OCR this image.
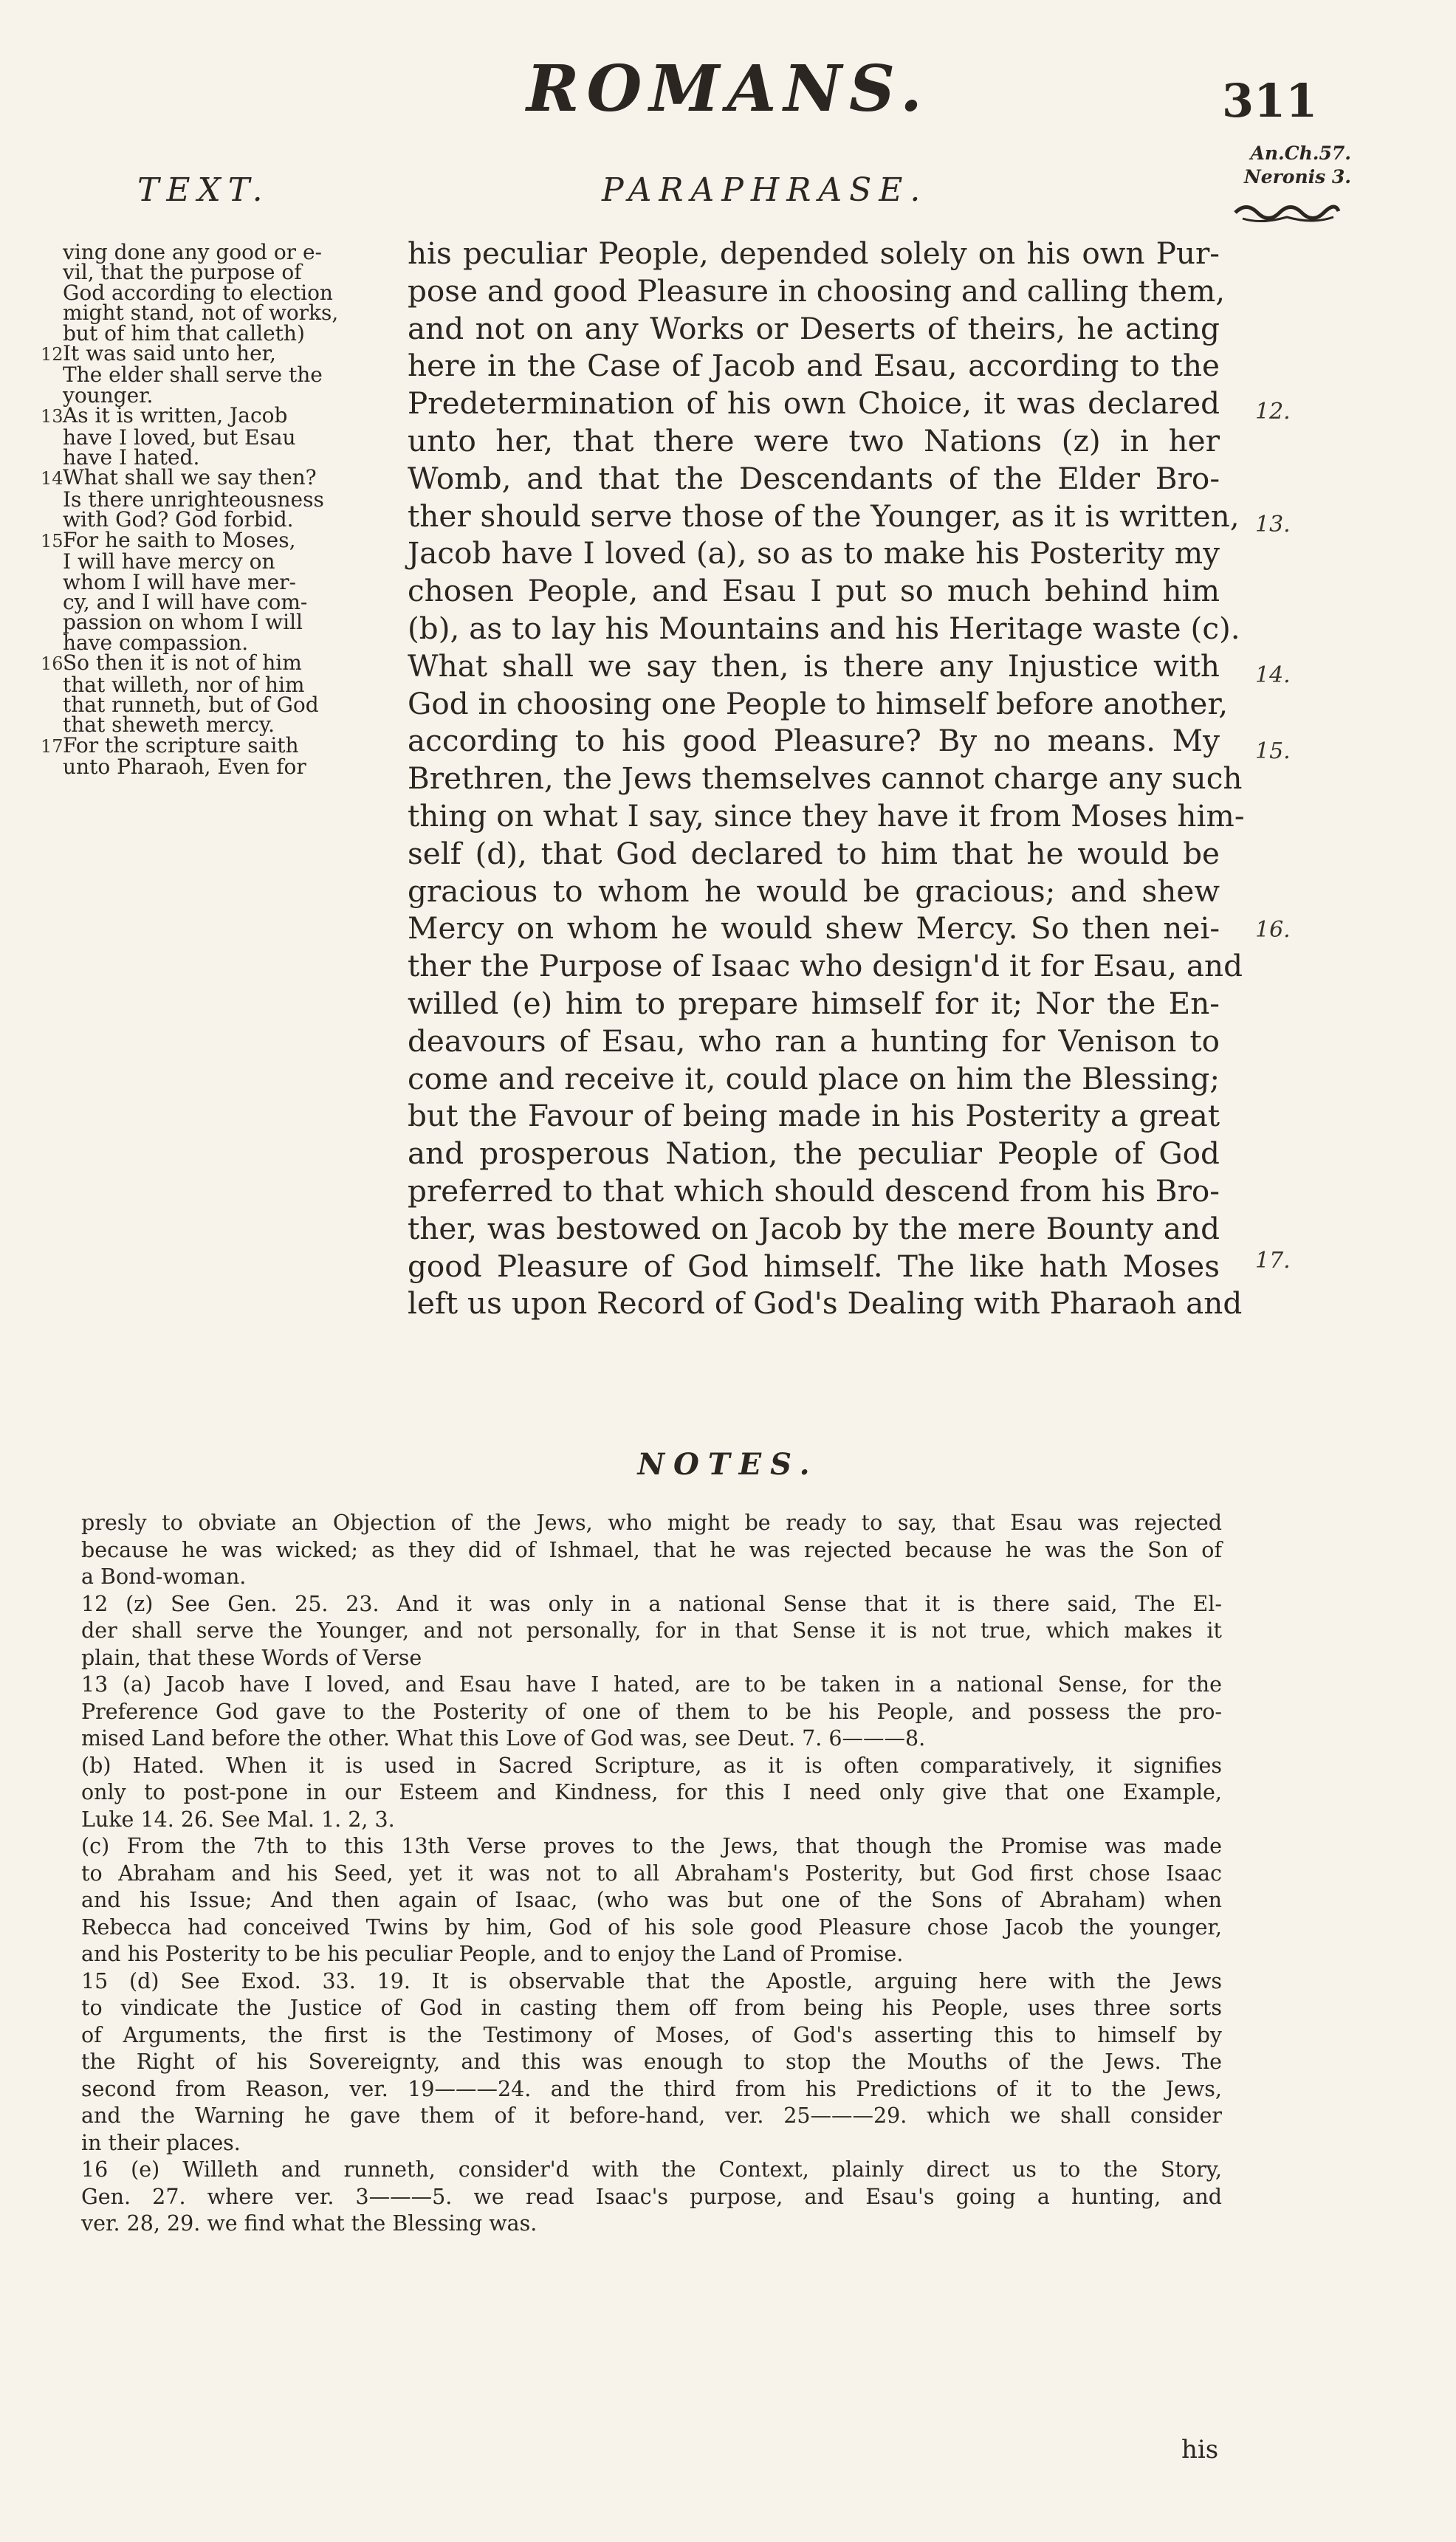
ROMANS.	311
An.Ch.57.
Neronis 3.
TEXT.	PARAPHRASE.
ving done any good or e-
vil, that the purpose of
God according to election
might stand, not of works,
but of him that calleth)
12It was said unto her,
The elder shall serve the
younger.
13As it is written, Jacob
have I loved, but Esau
have I hated.
14What shall we say then?
Is there unrighteousness
with God? God forbid.
15For he saith to Moses,
I will have mercy on
whom I will have mer-
cy, and I will have com-
passion on whom I will
have compassion.
16So then it is not of him
that willeth, nor of him
that runneth, but of God
that sheweth mercy.
17For the scripture saith
unto Pharaoh, Even for
his peculiar People, depended solely on his own Pur-
pose and good Pleasure in choosing and calling them,
and not on any Works or Deserts of theirs, he acting
here in the Case of Jacob and Esau, according to the
Predetermination of his own Choice, it was declared
unto her, that there were two Nations (z) in her
Womb, and that the Descendants of the Elder Bro-
ther should serve those of the Younger, as it is written,
Jacob have I loved (a), so as to make his Posterity my
chosen People, and Esau I put so much behind him
(b), as to lay his Mountains and his Heritage waste (c).
What shall we say then, is there any Injustice with
God in choosing one People to himself before another,
according to his good Pleasure? By no means. My
Brethren, the Jews themselves cannot charge any such
thing on what I say, since they have it from Moses him-
self (d), that God declared to him that he would be
gracious to whom he would be gracious; and shew
Mercy on whom he would shew Mercy. So then nei-
ther the Purpose of Isaac who design'd it for Esau, and
willed (e) him to prepare himself for it; Nor the En-
deavours of Esau, who ran a hunting for Venison to
come and receive it, could place on him the Blessing;
but the Favour of being made in his Posterity a great
and prosperous Nation, the peculiar People of God
preferred to that which should descend from his Bro-
ther, was bestowed on Jacob by the mere Bounty and
good Pleasure of God himself. The like hath Moses
left us upon Record of God's Dealing with Pharaoh and
12.
13.
14.
15.
16.
17.
NOTES.
presly to obviate an Objection of the Jews, who might be ready to say, that Esau was rejected
because he was wicked; as they did of Ishmael, that he was rejected because he was the Son of
a Bond-woman.
12 (z) See Gen. 25. 23. And it was only in a national Sense that it is there said, The El-
der shall serve the Younger, and not personally, for in that Sense it is not true, which makes it
plain, that these Words of Verse
13 (a) Jacob have I loved, and Esau have I hated, are to be taken in a national Sense, for the
Preference God gave to the Posterity of one of them to be his People, and possess the pro-
mised Land before the other. What this Love of God was, see Deut. 7. 6———8.
(b) Hated. When it is used in Sacred Scripture, as it is often comparatively, it signifies
only to post-pone in our Esteem and Kindness, for this I need only give that one Example,
Luke 14. 26. See Mal. 1. 2, 3.
(c) From the 7th to this 13th Verse proves to the Jews, that though the Promise was made
to Abraham and his Seed, yet it was not to all Abraham's Posterity, but God first chose Isaac
and his Issue; And then again of Isaac, (who was but one of the Sons of Abraham) when
Rebecca had conceived Twins by him, God of his sole good Pleasure chose Jacob the younger,
and his Posterity to be his peculiar People, and to enjoy the Land of Promise.
15 (d) See Exod. 33. 19. It is observable that the Apostle, arguing here with the Jews
to vindicate the Justice of God in casting them off from being his People, uses three sorts
of Arguments, the first is the Testimony of Moses, of God's asserting this to himself by
the Right of his Sovereignty, and this was enough to stop the Mouths of the Jews. The
second from Reason, ver. 19———24. and the third from his Predictions of it to the Jews,
and the Warning he gave them of it before-hand, ver. 25———29. which we shall consider
in their places.
16 (e) Willeth and runneth, consider'd with the Context, plainly direct us to the Story,
Gen. 27. where ver. 3———5. we read Isaac's purpose, and Esau's going a hunting, and
ver. 28, 29. we find what the Blessing was.
his
